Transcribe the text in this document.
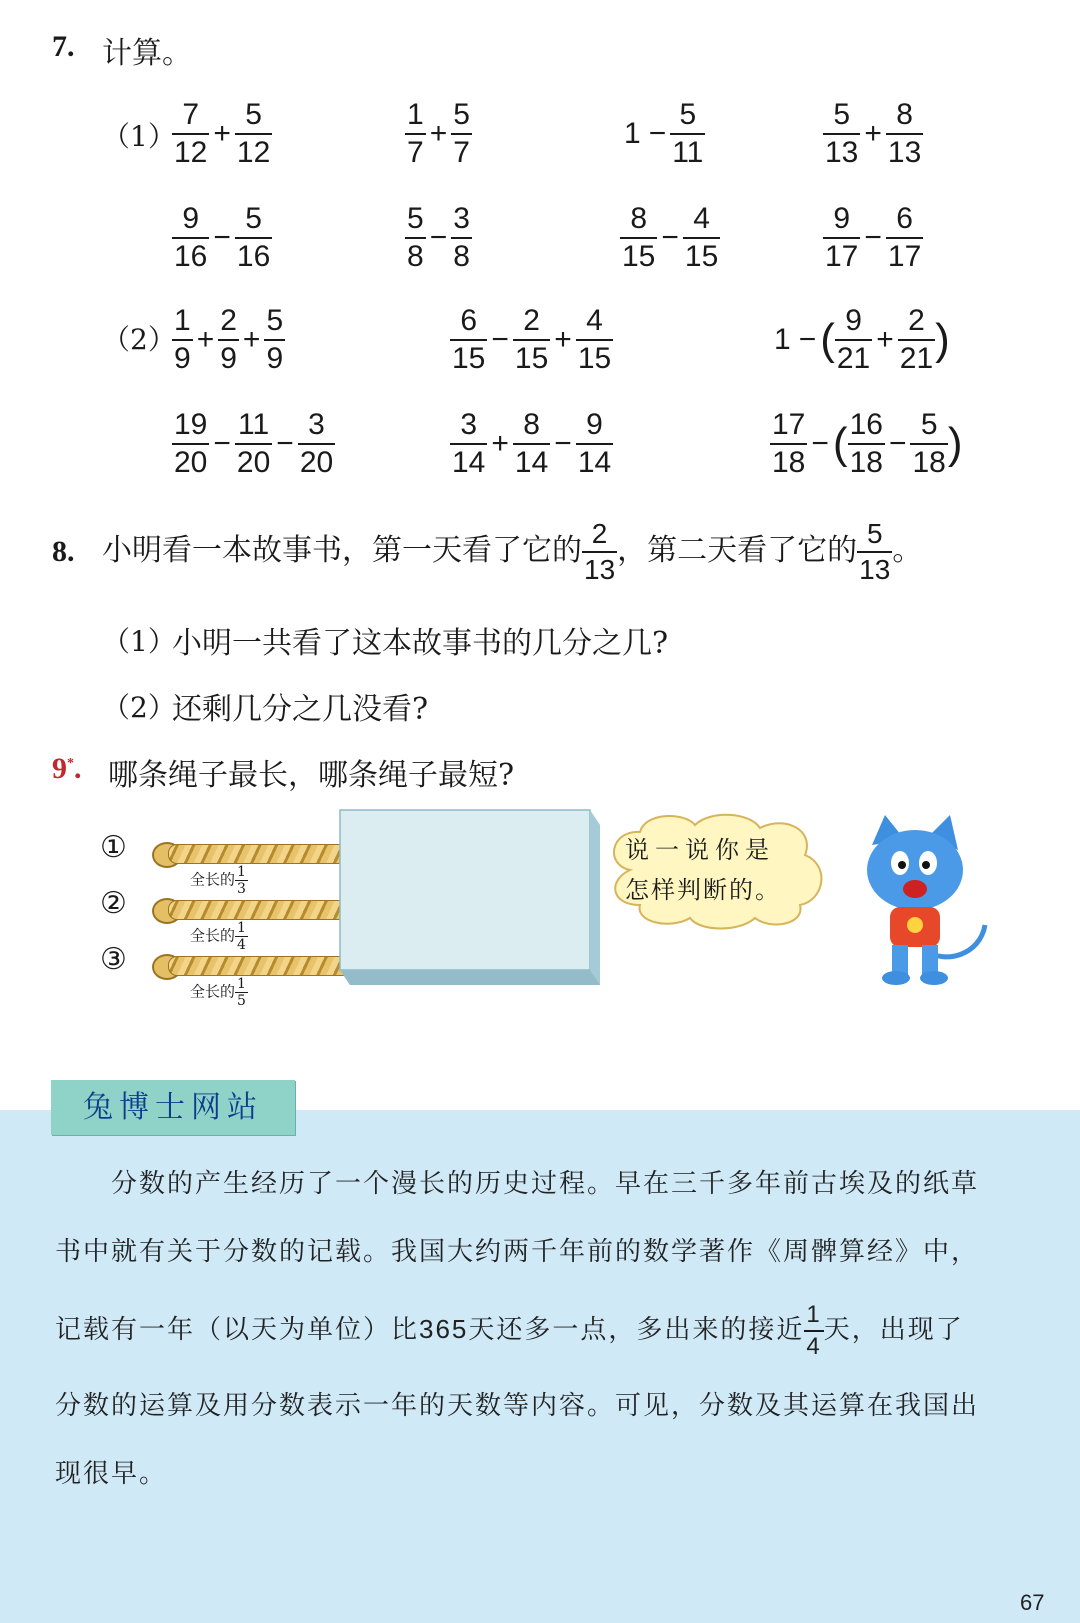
7. 计算。
（1）
（2）
$\frac{7}{12} + \frac{5}{12}$	$\frac{1}{7} + \frac{5}{7}$	$1 - \frac{5}{11}$	$\frac{5}{13} + \frac{8}{13}$
$\frac{9}{16} - \frac{5}{16}$	$\frac{5}{8} - \frac{3}{8}$	$\frac{8}{15} - \frac{4}{15}$	$\frac{9}{17} - \frac{6}{17}$
$\frac{1}{9} + \frac{2}{9} + \frac{5}{9}$	$\frac{6}{15} - \frac{2}{15} + \frac{4}{15}$	1 −( $\frac{9}{21} + \frac{2}{21}$ )
$\frac{19}{20} - \frac{11}{20} - \frac{3}{20}$	$\frac{3}{14} + \frac{8}{14} - \frac{9}{14}$	$\frac{17}{18}$ −( $\frac{16}{18} - \frac{5}{18}$ )
8. 小明看一本故事书，第一天看了它的 $\frac{2}{13}$ ，第二天看了它的 $\frac{5}{13}$ 。
（1）
小明一共看了这本故事书的几分之几?
（2）
还剩几分之几没看?
9*. 哪条绳子最长，哪条绳子最短?
①
②
③
全长的 $\frac{1}{3}$
全长的 $\frac{1}{4}$
全长的 $\frac{1}{5}$
说一说你是
怎样判断的。
兔博士网站
分数的产生经历了一个漫长的历史过程。早在三千多年前古埃及的纸草
书中就有关于分数的记载。我国大约两千年前的数学著作《周髀算经》中，
记载有一年（以天为单位）比365天还多一点，多出来的接近 $\frac{1}{4}$ 天，出现了
分数的运算及用分数表示一年的天数等内容。可见，分数及其运算在我国出
现很早。
67
